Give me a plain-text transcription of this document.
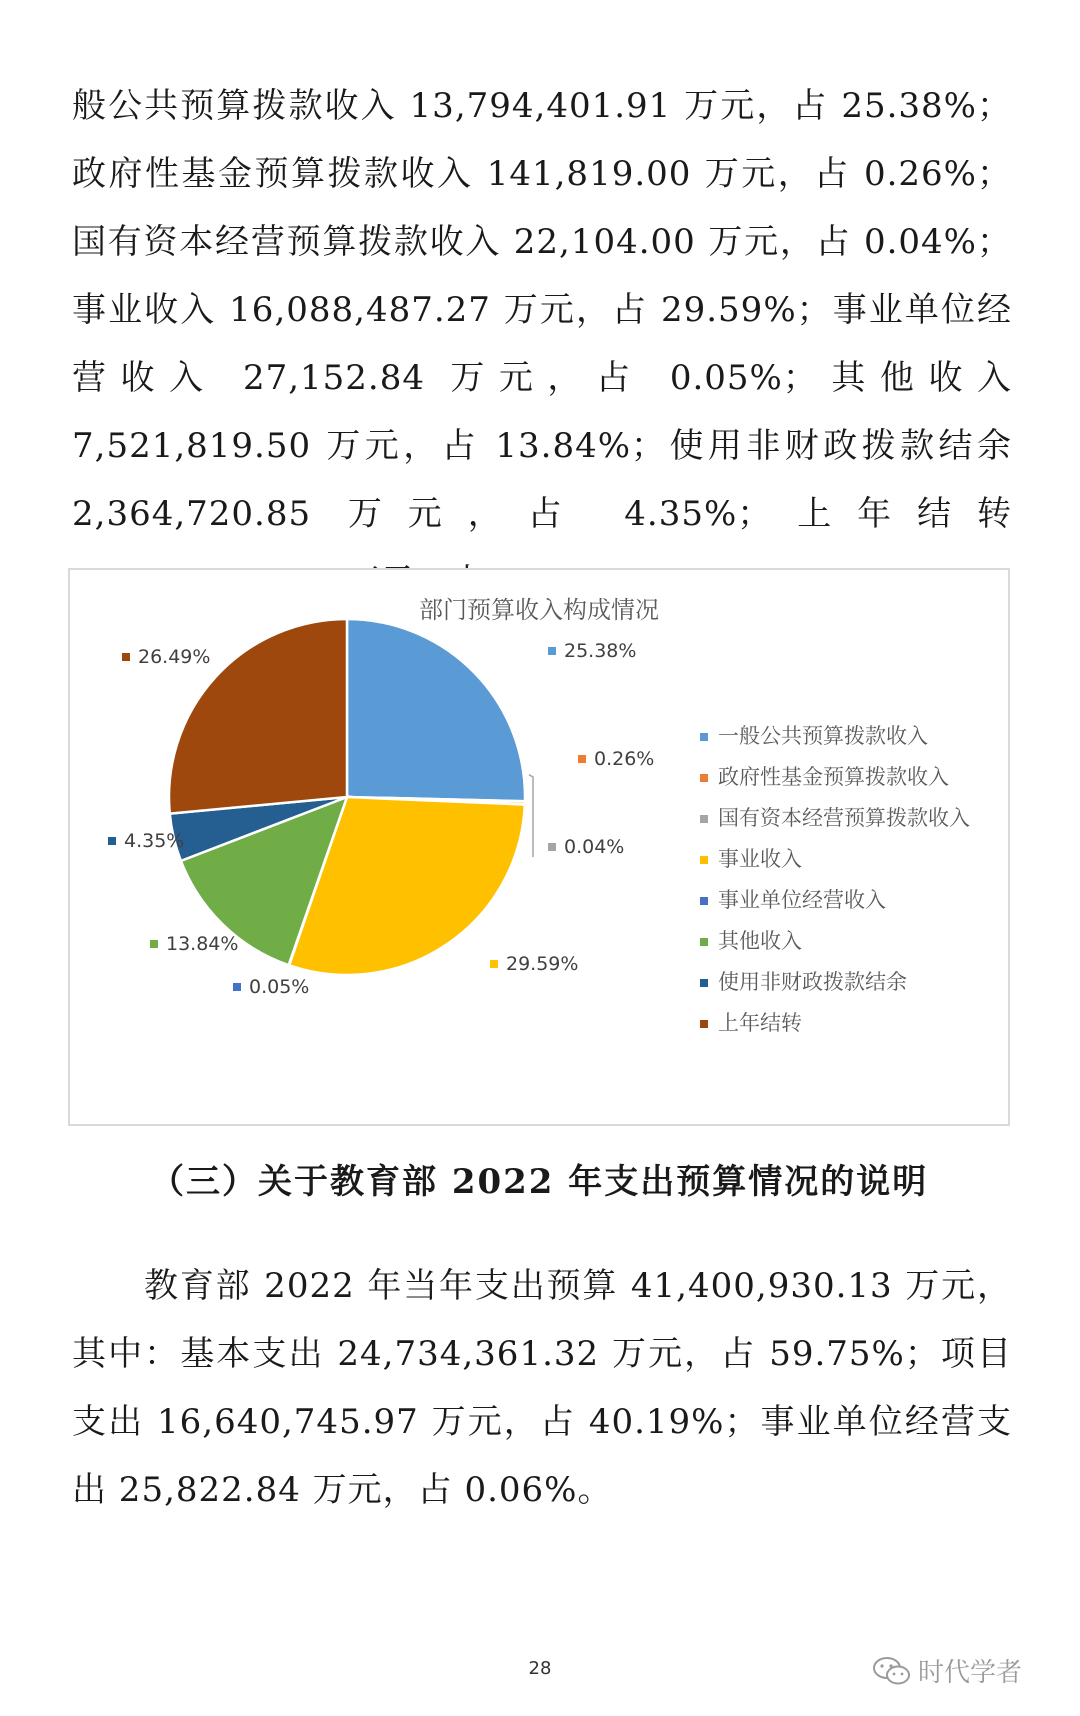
般公共预算拨款收入 13,794,401.91 万元，占 25.38%；政府性基金预算拨款收入 141,819.00 万元，占 0.26%；国有资本经营预算拨款收入 22,104.00 万元，占 0.04%；事业收入 16,088,487.27 万元，占 29.59%；事业单位经营收入 27,152.84 万元，占 0.05%；其他收入 7,521,819.50 万元，占 13.84%；使用非财政拨款结余 2,364,720.85 万元，占 4.35%；上年结转
部门预算收入构成情况
25.38%
0.26%
0.04%
29.59%
0.05%
13.84%
4.35%
26.49%
一般公共预算拨款收入
政府性基金预算拨款收入
国有资本经营预算拨款收入
事业收入
事业单位经营收入
其他收入
使用非财政拨款结余
上年结转
（三）关于教育部 2022 年支出预算情况的说明
教育部 2022 年当年支出预算 41,400,930.13 万元，其中：基本支出 24,734,361.32 万元，占 59.75%；项目支出 16,640,745.97 万元，占 40.19%；事业单位经营支出 25,822.84 万元，占 0.06%。
28	时代学者
